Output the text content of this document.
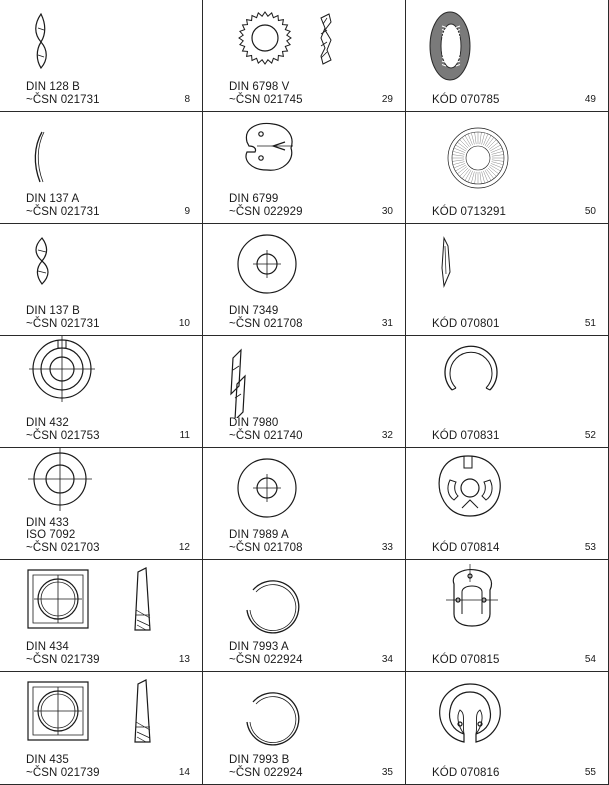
DIN 128 B
~ČSN 021731	8
DIN 137 A
~ČSN 021731	9
DIN 137 B
~ČSN 021731	10
DIN 432
~ČSN 021753	11
DIN 433
ISO 7092
~ČSN 021703	12
DIN 434
~ČSN 021739	13
DIN 435
~ČSN 021739	14
DIN 6798 V
~ČSN 021745	29
DIN 6799
~ČSN 022929	30
DIN 7349
~ČSN 021708	31
DIN 7980
~ČSN 021740	32
DIN 7989 A
~ČSN 021708	33
DIN 7993 A
~ČSN 022924	34
DIN 7993 B
~ČSN 022924	35
KÓD 070785	49
KÓD 0713291	50
KÓD 070801	51
KÓD 070831	52
KÓD 070814	53
KÓD 070815	54
KÓD 070816	55
